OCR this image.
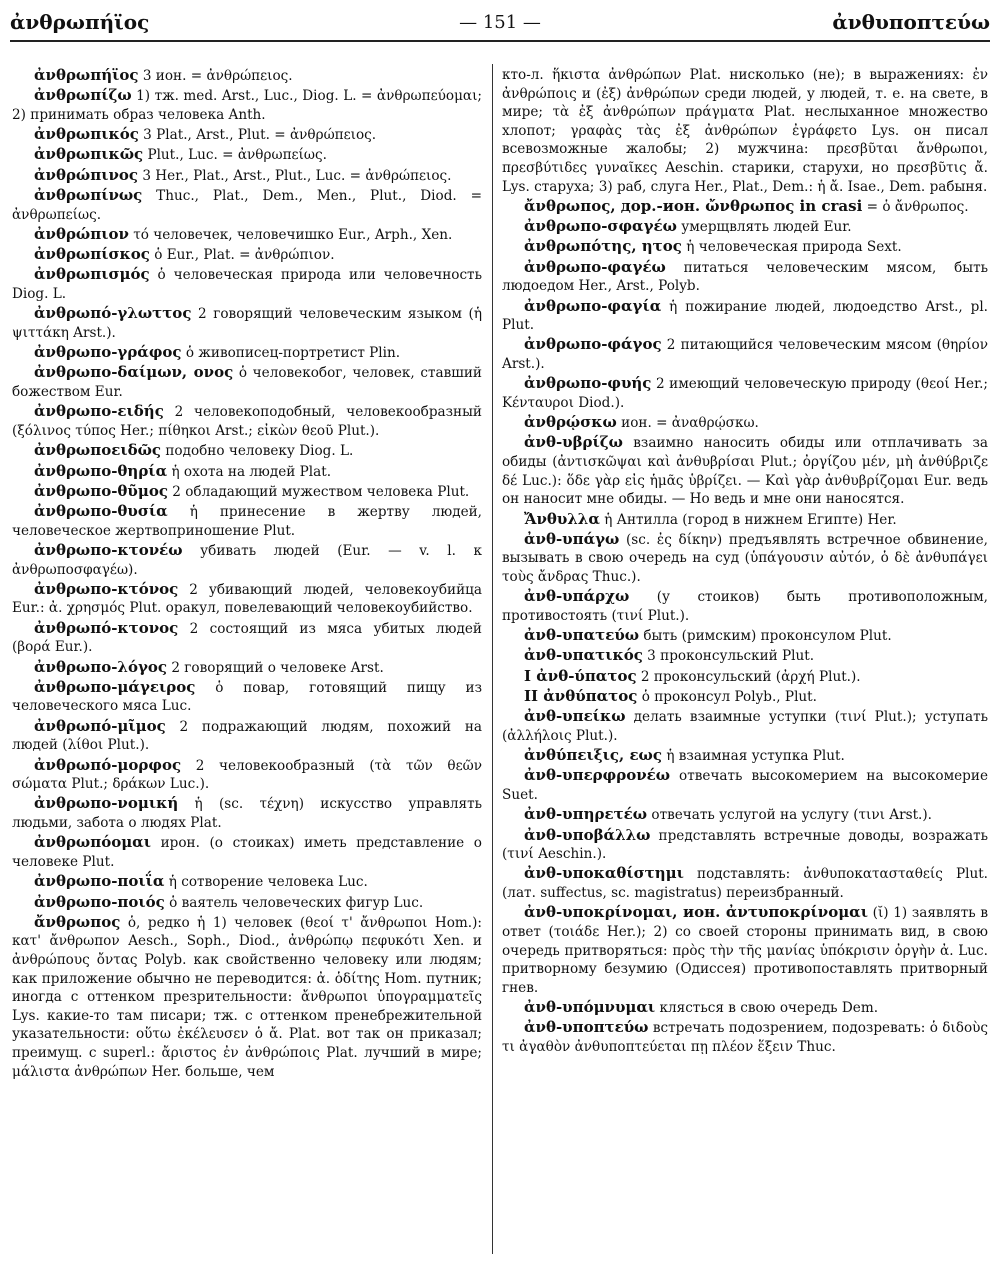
ἀνθρωπήϊος	— 151 —	ἀνθυποπτεύω

ἀνθρωπήϊος 3 ион. = ἀνθρώπειος.

ἀνθρωπίζω 1) тж. med. Arst., Luc., Diog. L. = ἀνθρωπεύομαι; 2) принимать образ человека Anth.

ἀνθρωπικός 3 Plat., Arst., Plut. = ἀνθρώπειος.

ἀνθρωπικῶς Plut., Luc. = ἀνθρωπείως.

ἀνθρώπινος 3 Her., Plat., Arst., Plut., Luc. = ἀνθρώπειος.

ἀνθρωπίνως Thuc., Plat., Dem., Men., Plut., Diod. = ἀνθρωπείως.

ἀνθρώπιον τό человечек, человечишко Eur., Arph., Xen.

ἀνθρωπίσκος ὁ Eur., Plat. = ἀνθρώπιον.

ἀνθρωπισμός ὁ человеческая природа или человечность Diog. L.

ἀνθρωπό-γλωττος 2 говорящий человеческим языком (ἡ ψιττάκη Arst.).

ἀνθρωπο-γράφος ὁ живописец-портретист Plin.

ἀνθρωπο-δαίμων, ονος ὁ человекобог, человек, ставший божеством Eur.

ἀνθρωπο-ειδής 2 человекоподобный, человекообразный (ξόλινος τύπος Her.; πίθηκοι Arst.; εἰκὼν θεοῦ Plut.).

ἀνθρωποειδῶς подобно человеку Diog. L.

ἀνθρωπο-θηρία ἡ охота на людей Plat.

ἀνθρωπο-θῦμος 2 обладающий мужеством человека Plut.

ἀνθρωπο-θυσία ἡ принесение в жертву людей, человеческое жертвоприношение Plut.

ἀνθρωπο-κτονέω убивать людей (Eur. — v. l. к ἀνθρωποσφαγέω).

ἀνθρωπο-κτόνος 2 убивающий людей, человекоубийца Eur.: ἀ. χρησμός Plut. оракул, повелевающий человекоубийство.

ἀνθρωπό-κτονος 2 состоящий из мяса убитых людей (βορά Eur.).

ἀνθρωπο-λόγος 2 говорящий о человеке Arst.

ἀνθρωπο-μάγειρος ὁ повар, готовящий пищу из человеческого мяса Luc.

ἀνθρωπό-μῖμος 2 подражающий людям, похожий на людей (λίθοι Plut.).

ἀνθρωπό-μορφος 2 человекообразный (τὰ τῶν θεῶν σώματα Plut.; δράκων Luc.).

ἀνθρωπο-νομική ἡ (sc. τέχνη) искусство управлять людьми, забота о людях Plat.

ἀνθρωπόομαι ирон. (о стоиках) иметь представление о человеке Plut.

ἀνθρωπο-ποιΐα ἡ сотворение человека Luc.

ἀνθρωπο-ποιός ὁ ваятель человеческих фигур Luc.

ἄνθρωπος ὁ, редко ἡ 1) человек (θεοί τ' ἄνθρωποι Hom.): κατ' ἄνθρωπον Aesch., Soph., Diod., ἀνθρώπῳ πεφυκότι Xen. и ἀνθρώπους ὄντας Polyb. как свойственно человеку или людям; как приложение обычно не переводится: ἀ. ὁδίτης Hom. путник; иногда с оттенком презрительности: ἄνθρωποι ὑπογραμματεῖς Lys. какие-то там писари; тж. с оттенком пренебрежительной указательности: οὕτω ἐκέλευσεν ὁ ἄ. Plat. вот так он приказал; преимущ. с superl.: ἄριστος ἐν ἀνθρώποις Plat. лучший в мире; μάλιστα ἀνθρώπων Her. больше, чем

кто-л. ἥκιστα ἀνθρώπων Plat. нисколько (не); в выражениях: ἐν ἀνθρώποις и (ἐξ) ἀνθρώπων среди людей, у людей, т. е. на свете, в мире; τὰ ἐξ ἀνθρώπων πράγματα Plat. неслыханное множество хлопот; γραφὰς τὰς ἐξ ἀνθρώπων ἐγράφετο Lys. он писал всевозможные жалобы; 2) мужчина: πρεσβῦται ἄνθρωποι, πρεσβύτιδες γυναῖκες Aeschin. старики, старухи, но πρεσβῦτις ἄ. Lys. старуха; 3) раб, слуга Her., Plat., Dem.: ἡ ἄ. Isae., Dem. рабыня.

ἄνθρωπος, дор.-ион. ὤνθρωπος in crasi = ὁ ἄνθρωπος.

ἀνθρωπο-σφαγέω умерщвлять людей Eur.

ἀνθρωπότης, ητος ἡ человеческая природа Sext.

ἀνθρωπο-φαγέω питаться человеческим мясом, быть людоедом Her., Arst., Polyb.

ἀνθρωπο-φαγία ἡ пожирание людей, людоедство Arst., pl. Plut.

ἀνθρωπο-φάγος 2 питающийся человеческим мясом (θηρίον Arst.).

ἀνθρωπο-φυής 2 имеющий человеческую природу (θεοί Her.; Κένταυροι Diod.).

ἀνθρῴσκω ион. = ἀναθρῴσκω.

ἀνθ-υβρίζω взаимно наносить обиды или отплачивать за обиды (ἀντισκῶψαι καὶ ἀνθυβρίσαι Plut.; ὀργίζου μέν, μὴ ἀνθύβριζε δέ Luc.): ὅδε γὰρ εἰς ἡμᾶς ὑβρίζει. — Καὶ γὰρ ἀνθυβρίζομαι Eur. ведь он наносит мне обиды. — Но ведь и мне они наносятся.

Ἄνθυλλα ἡ Антилла (город в нижнем Египте) Her.

ἀνθ-υπάγω (sc. ἐς δίκην) предъявлять встречное обвинение, вызывать в свою очередь на суд (ὑπάγουσιν αὐτόν, ὁ δὲ ἀνθυπάγει τοὺς ἄνδρας Thuc.).

ἀνθ-υπάρχω (у стоиков) быть противоположным, противостоять (τινί Plut.).

ἀνθ-υπατεύω быть (римским) проконсулом Plut.

ἀνθ-υπατικός 3 проконсульский Plut.

I ἀνθ-ύπατος 2 проконсульский (ἀρχή Plut.).

II ἀνθύπατος ὁ проконсул Polyb., Plut.

ἀνθ-υπείκω делать взаимные уступки (τινί Plut.); уступать (ἀλλήλοις Plut.).

ἀνθύπειξις, εως ἡ взаимная уступка Plut.

ἀνθ-υπερφρονέω отвечать высокомерием на высокомерие Suet.

ἀνθ-υπηρετέω отвечать услугой на услугу (τινι Arst.).

ἀνθ-υποβάλλω представлять встречные доводы, возражать (τινί Aeschin.).

ἀνθ-υποκαθίστημι подставлять: ἀνθυποκατασταθείς Plut. (лат. suffectus, sc. magistratus) переизбранный.

ἀνθ-υποκρίνομαι, ион. ἀντυποκρίνομαι (ῐ) 1) заявлять в ответ (τοιάδε Her.); 2) со своей стороны принимать вид, в свою очередь притворяться: πρὸς τὴν τῆς μανίας ὑπόκρισιν ὀργὴν ἀ. Luc. притворному безумию (Одиссея) противопоставлять притворный гнев.

ἀνθ-υπόμνυμαι клясться в свою очередь Dem.

ἀνθ-υποπτεύω встречать подозрением, подозревать: ὁ διδοὺς τι ἀγαθὸν ἀνθυποπτεύεται πῃ πλέον ἕξειν Thuc.
